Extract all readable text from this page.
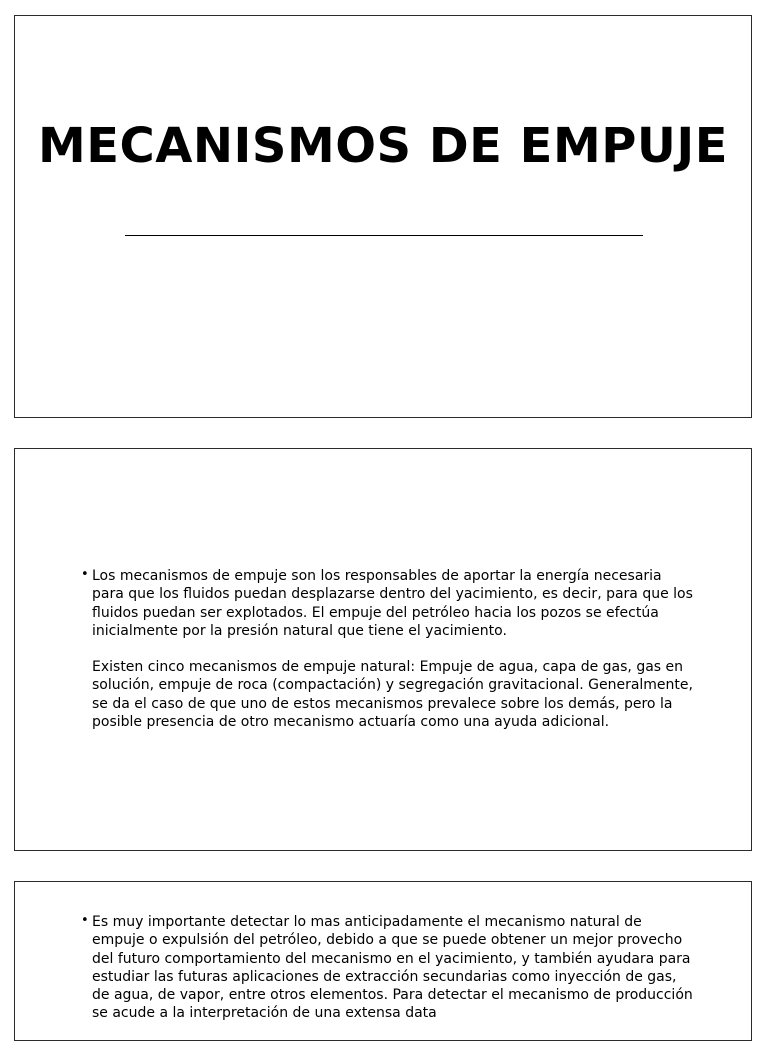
MECANISMOS DE EMPUJE
• Los mecanismos de empuje son los responsables de aportar la energía necesaria para que los fluidos puedan desplazarse dentro del yacimiento, es decir, para que los fluidos puedan ser explotados. El empuje del petróleo hacia los pozos se efectúa inicialmente por la presión natural que tiene el yacimiento.

Existen cinco mecanismos de empuje natural: Empuje de agua, capa de gas, gas en solución, empuje de roca (compactación) y segregación gravitacional. Generalmente, se da el caso de que uno de estos mecanismos prevalece sobre los demás, pero la posible presencia de otro mecanismo actuaría como una ayuda adicional.

• Es muy importante detectar lo mas anticipadamente el mecanismo natural de empuje o expulsión del petróleo, debido a que se puede obtener un mejor provecho del futuro comportamiento del mecanismo en el yacimiento, y también ayudara para estudiar las futuras aplicaciones de extracción secundarias como inyección de gas, de agua, de vapor, entre otros elementos. Para detectar el mecanismo de producción se acude a la interpretación de una extensa data
